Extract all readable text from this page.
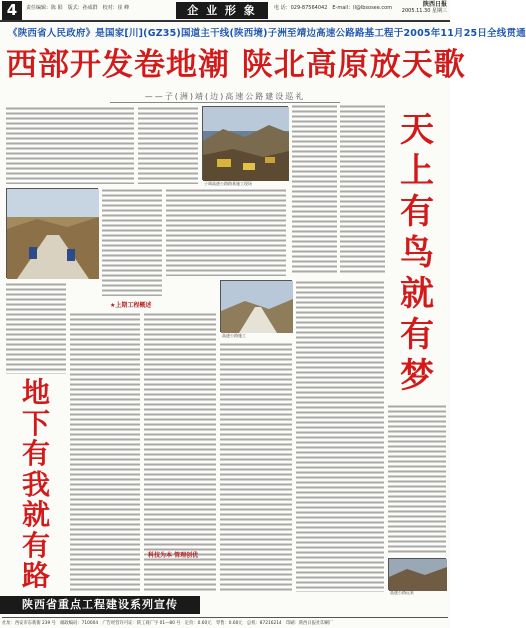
4	责任编辑：陈 阳　版式：孙成群　校对：崔 峰	企 业 形 象	电 话：029-87564042　E-mail：ll@lbsosee.com	陕西日报
2005.11.30 星期三
《陕西省人民政府》是国家[川](GZ35)国道主干线(陕西境)子洲至靖边高速公路路基工程于2005年11月25日全线贯通
西部开发卷地潮 陕北高原放天歌
——子(洲)靖(边)高速公路建设巡礼
子靖高速公路路基施工现场
天
上
有
鸟
就
有
梦
★上期工程概述
地
下
有
我
就
有
路
科技为本 管理创优
高速公路施工
高速公路远景
陕西省重点工程建设系列宣传
社址：西安市东新街 239 号　邮政编码：710004　广告经营许可证：陕工商广字 01—80 号　定价：0.60元　零售：0.60元　总机：87216214　印刷：陕西日报社印刷厂
